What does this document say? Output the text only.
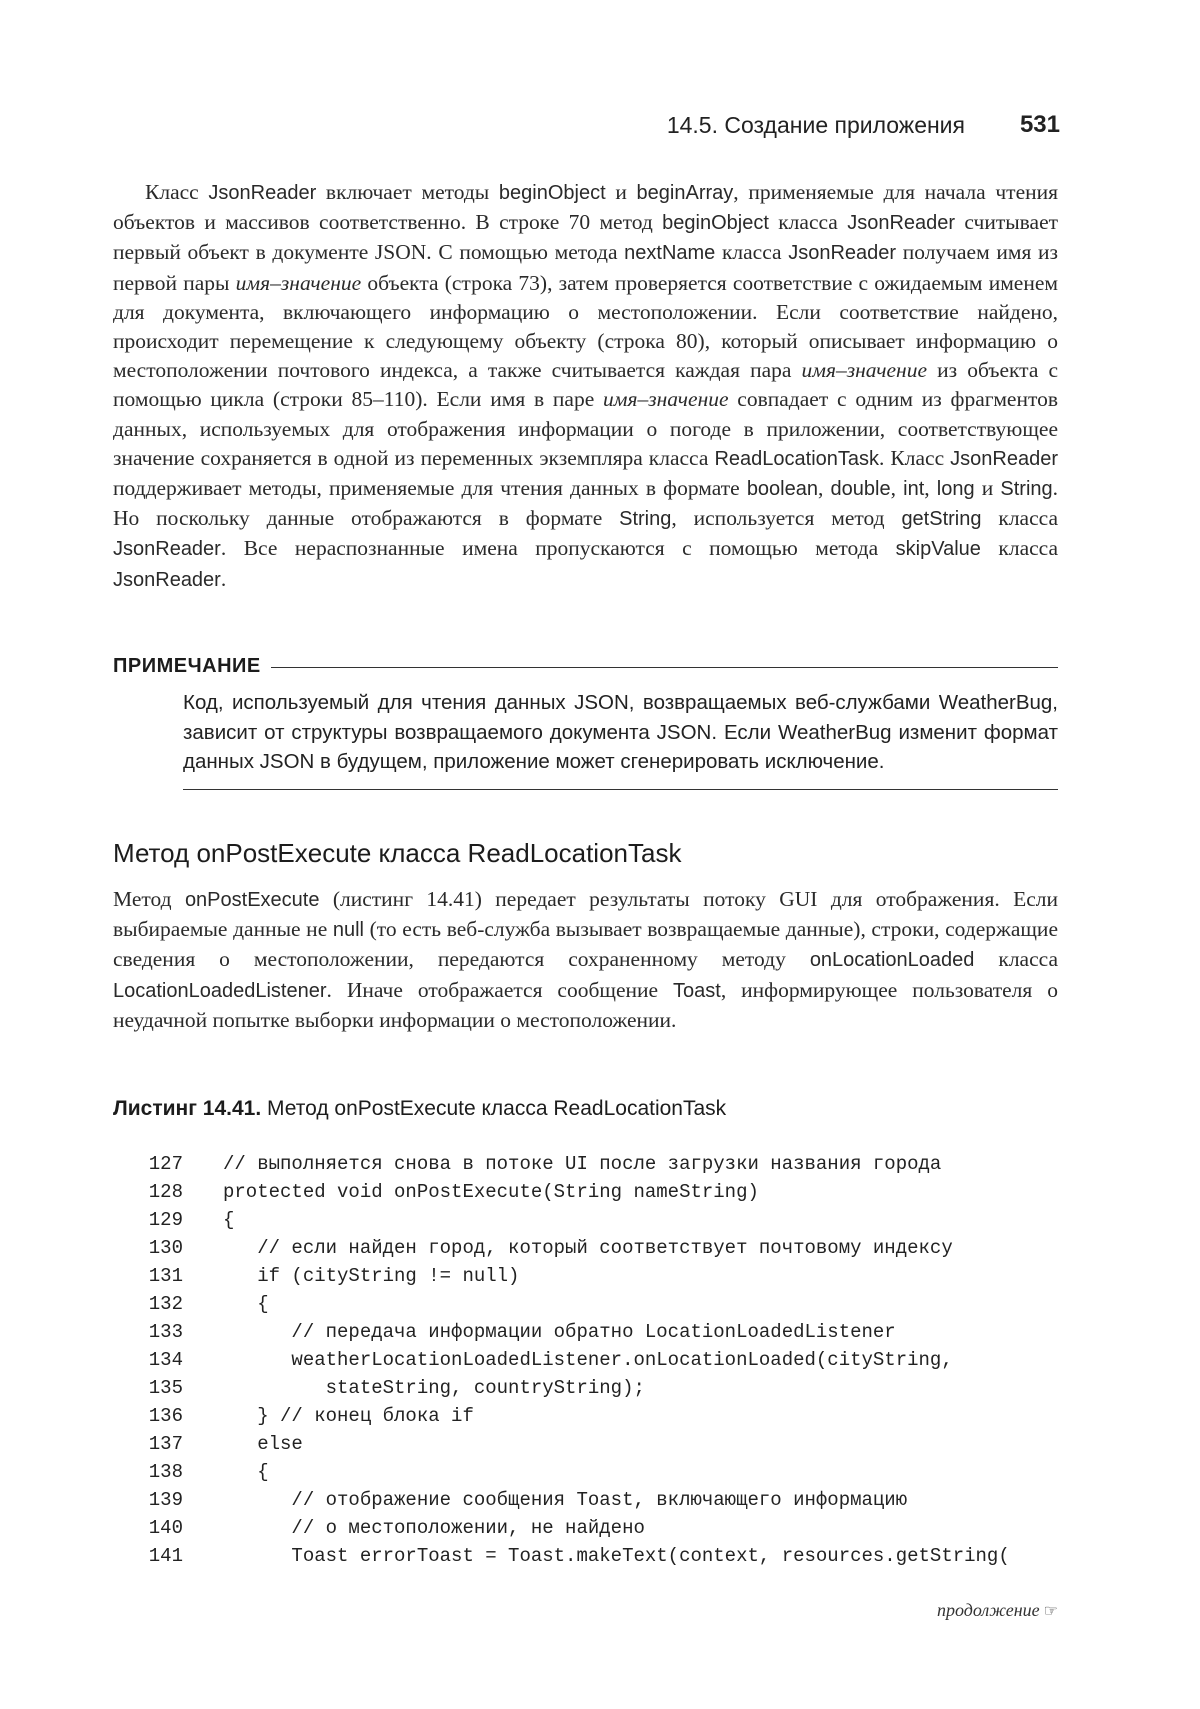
14.5. Создание приложения 531

Класс JsonReader включает методы beginObject и beginArray, применяемые для начала чтения объектов и массивов соответственно. В строке 70 метод beginObject класса JsonReader считывает первый объект в документе JSON. С помощью метода nextName класса JsonReader получаем имя из первой пары имя–значение объекта (строка 73), затем проверяется соответствие с ожидаемым именем для документа, включающего информацию о местоположении. Если соответствие найдено, происходит перемещение к следующему объекту (строка 80), который описывает информацию о местоположении почтового индекса, а также считывается каждая пара имя–значение из объекта с помощью цикла (строки 85–110). Если имя в паре имя–значение совпадает с одним из фрагментов данных, используемых для отображения информации о погоде в приложении, соответствующее значение сохраняется в одной из переменных экземпляра класса ReadLocationTask. Класс JsonReader поддерживает методы, применяемые для чтения данных в формате boolean, double, int, long и String. Но поскольку данные отображаются в формате String, используется метод getString класса JsonReader. Все нераспознанные имена пропускаются с помощью метода skipValue класса JsonReader.

ПРИМЕЧАНИЕ
Код, используемый для чтения данных JSON, возвращаемых веб-службами WeatherBug, зависит от структуры возвращаемого документа JSON. Если WeatherBug изменит формат данных JSON в будущем, приложение может сгенерировать исключение.
Метод onPostExecute класса ReadLocationTask

Метод onPostExecute (листинг 14.41) передает результаты потоку GUI для отображения. Если выбираемые данные не null (то есть веб-служба вызывает возвращаемые данные), строки, содержащие сведения о местоположении, передаются сохраненному методу onLocationLoaded класса LocationLoadedListener. Иначе отображается сообщение Toast, информирующее пользователя о неудачной попытке выборки информации о местоположении.

Листинг 14.41. Метод onPostExecute класса ReadLocationTask
127	// выполняется снова в потоке UI после загрузки названия города
128	protected void onPostExecute(String nameString)
129	{
130	// если найден город, который соответствует почтовому индексу
131	if (cityString != null)
132	{
133	// передача информации обратно LocationLoadedListener
134	weatherLocationLoadedListener.onLocationLoaded(cityString,
135	stateString, countryString);
136	} // конец блока if
137	else
138	{
139	// отображение сообщения Toast, включающего информацию
140	// о местоположении, не найдено
141	Toast errorToast = Toast.makeText(context, resources.getString(
продолжение ☞
